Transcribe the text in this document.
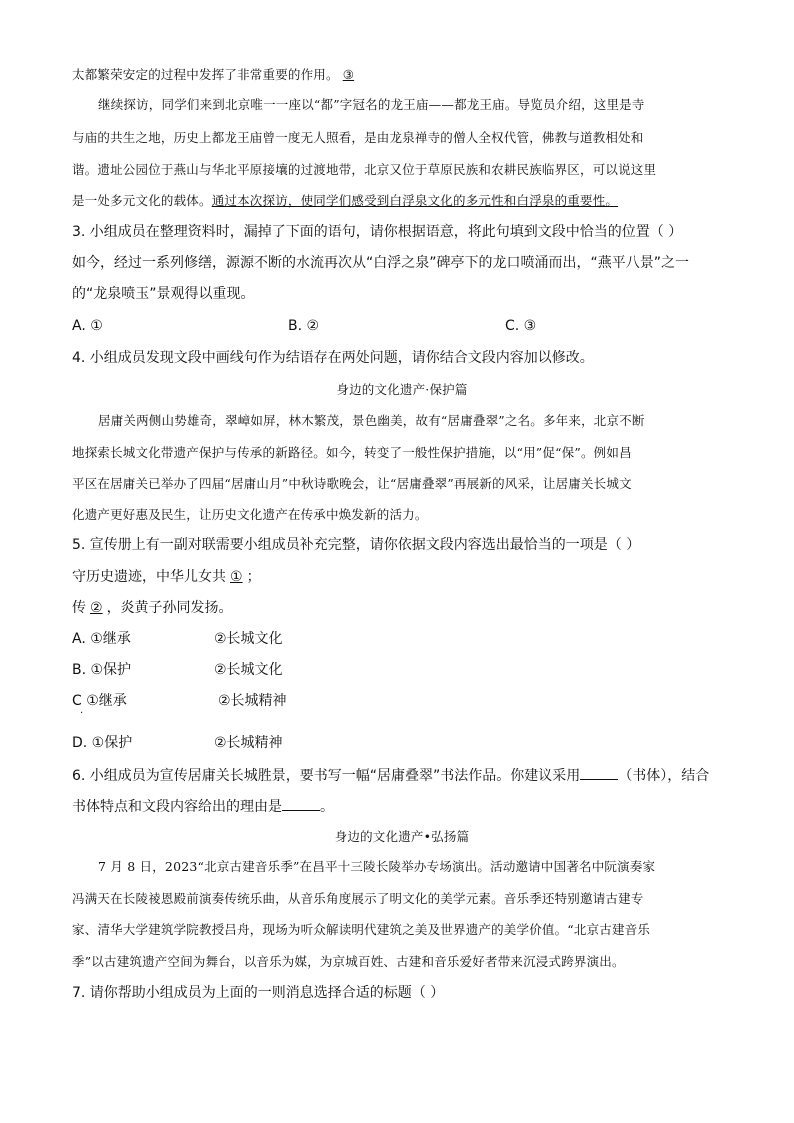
太都繁荣安定的过程中发挥了非常重要的作用。 ③
继续探访，同学们来到北京唯一一座以“都”字冠名的龙王庙——都龙王庙。导览员介绍，这里是寺
与庙的共生之地，历史上都龙王庙曾一度无人照看，是由龙泉禅寺的僧人全权代管，佛教与道教相处和
谐。遗址公园位于燕山与华北平原接壤的过渡地带，北京又位于草原民族和农耕民族临界区，可以说这里
是一处多元文化的载体。通过本次探访，使同学们感受到白浮泉文化的多元性和白浮泉的重要性。
3. 小组成员在整理资料时，漏掉了下面的语句，请你根据语意，将此句填到文段中恰当的位置（ ）
如今，经过一系列修缮，源源不断的水流再次从“白浮之泉”碑亭下的龙口喷涌而出，“燕平八景”之一
的“龙泉喷玉”景观得以重现。
A. ①	B. ②	C. ③
4. 小组成员发现文段中画线句作为结语存在两处问题，请你结合文段内容加以修改。
身边的文化遗产·保护篇
居庸关两侧山势雄奇，翠嶂如屏，林木繁茂，景色幽美，故有“居庸叠翠”之名。多年来，北京不断
地探索长城文化带遗产保护与传承的新路径。如今，转变了一般性保护措施，以“用”促“保”。例如昌
平区在居庸关已举办了四届“居庸山月”中秋诗歌晚会，让“居庸叠翠”再展新的风采，让居庸关长城文
化遗产更好惠及民生，让历史文化遗产在传承中焕发新的活力。
5. 宣传册上有一副对联需要小组成员补充完整，请你依据文段内容选出最恰当的一项是（ ）
守历史遗迹，中华儿女共 ① ；
传 ② ，炎黄子孙同发扬。
A. ①继承	②长城文化
B. ①保护	②长城文化
C ①继承	②长城精神
·
D. ①保护	②长城精神
6. 小组成员为宣传居庸关长城胜景，要书写一幅“居庸叠翠”书法作品。你建议采用	（书体），结合
书体特点和文段内容给出的理由是	。
身边的文化遗产•弘扬篇
7 月 8 日，2023“北京古建音乐季”在昌平十三陵长陵举办专场演出。活动邀请中国著名中阮演奏家
冯满天在长陵祾恩殿前演奏传统乐曲，从音乐角度展示了明文化的美学元素。音乐季还特别邀请古建专
家、清华大学建筑学院教授吕舟，现场为听众解读明代建筑之美及世界遗产的美学价值。“北京古建音乐
季”以古建筑遗产空间为舞台，以音乐为媒，为京城百姓、古建和音乐爱好者带来沉浸式跨界演出。
7. 请你帮助小组成员为上面的一则消息选择合适的标题（ ）
